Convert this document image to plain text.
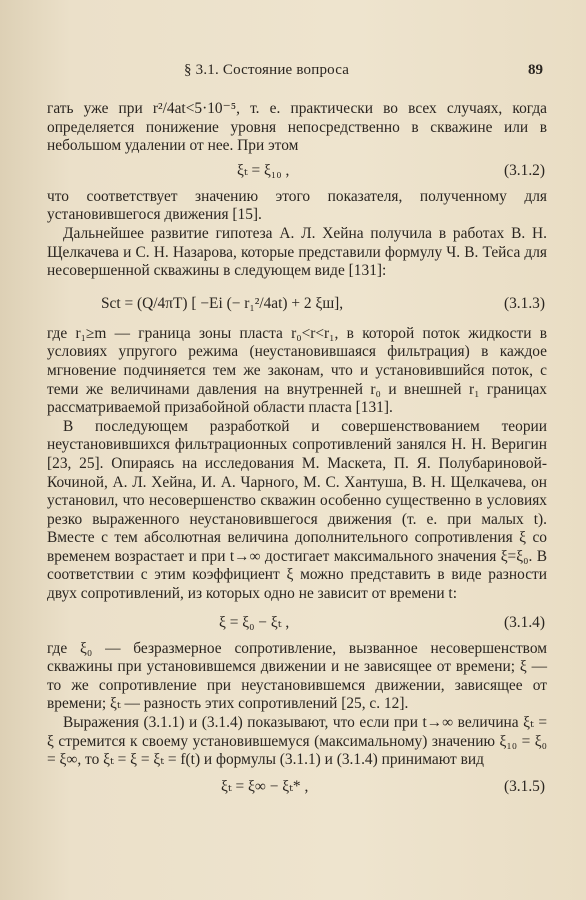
§ 3.1. Состояние вопроса	89

гать уже при r²/4at<5·10⁻⁵, т. е. практически во всех случаях, когда определяется понижение уровня непосредственно в скважине или в небольшом удалении от нее. При этом

ξₜ = ξ₁₀ ,	(3.1.2)

что соответствует значению этого показателя, полученному для установившегося движения [15].

Дальнейшее развитие гипотеза А. Л. Хейна получила в работах В. Н. Щелкачева и С. Н. Назарова, которые представили формулу Ч. В. Тейса для несовершенной скважины в следующем виде [131]:

Sct = (Q/4πT) [ −Ei (− r₁²/4at) + 2 ξш],	(3.1.3)

где r₁≥m — граница зоны пласта r₀<r<r₁, в которой поток жидкости в условиях упругого режима (неустановившаяся фильтрация) в каждое мгновение подчиняется тем же законам, что и установившийся поток, с теми же величинами давления на внутренней r₀ и внешней r₁ границах рассматриваемой призабойной области пласта [131].

В последующем разработкой и совершенствованием теории неустановившихся фильтрационных сопротивлений занялся Н. Н. Веригин [23, 25]. Опираясь на исследования М. Маскета, П. Я. Полубариновой-Кочиной, А. Л. Хейна, И. А. Чарного, М. С. Хантуша, В. Н. Щелкачева, он установил, что несовершенство скважин особенно существенно в условиях резко выраженного неустановившегося движения (т. е. при малых t). Вместе с тем абсолютная величина дополнительного сопротивления ξ со временем возрастает и при t→∞ достигает максимального значения ξ=ξ₀. В соответствии с этим коэффициент ξ можно представить в виде разности двух сопротивлений, из которых одно не зависит от времени t:

ξ = ξ₀ − ξₜ ,	(3.1.4)

где ξ₀ — безразмерное сопротивление, вызванное несовершенством скважины при установившемся движении и не зависящее от времени; ξ — то же сопротивление при неустановившемся движении, зависящее от времени; ξₜ — разность этих сопротивлений [25, с. 12].

Выражения (3.1.1) и (3.1.4) показывают, что если при t→∞ величина ξₜ = ξ стремится к своему установившемуся (максимальному) значению ξ₁₀ = ξ₀ = ξ∞, то ξₜ = ξ = ξₜ = f(t) и формулы (3.1.1) и (3.1.4) принимают вид

ξₜ = ξ∞ − ξₜ* ,	(3.1.5)
